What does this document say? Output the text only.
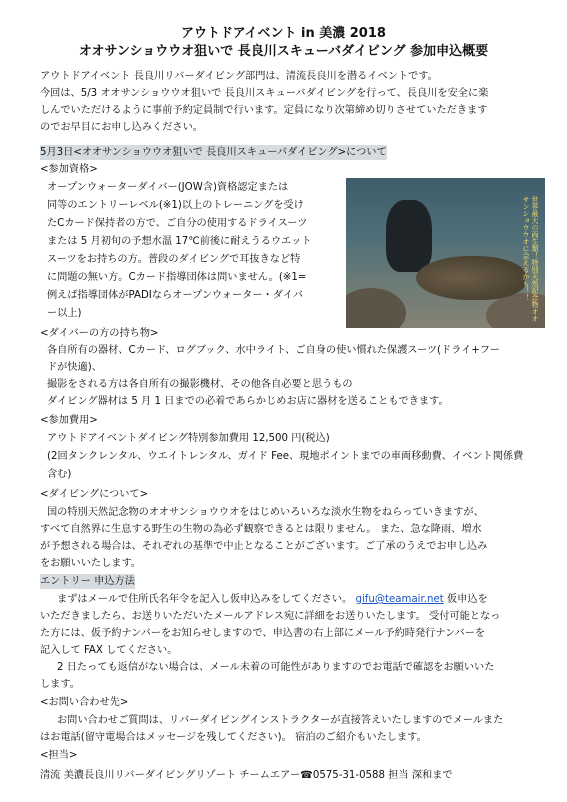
アウトドアイベント in 美濃 2018
オオサンショウウオ狙いで 長良川スキューバダイビング 参加申込概要
アウトドアイベント 長良川リバーダイビング部門は、清流長良川を潜るイベントです。
今回は、5/3 オオサンショウウオ狙いで 長良川スキューバダイビングを行って、長良川を安全に楽
しんでいただけるように事前予約定員制で行います。定員になり次第締め切りさせていただきます
のでお早目にお申し込みください。
5月3日<オオサンショウウオ狙いで 長良川スキューバダイビング>について
<参加資格>
オープンウォーターダイバー(JOW含)資格認定または
同等のエントリーレベル(※1)以上のトレーニングを受け
たCカード保持者の方で、ご自分の使用するドライスーツ
または 5 月初旬の予想水温 17℃前後に耐えうるウエット
スーツをお持ちの方。普段のダイビングで耳抜きなど特
に問題の無い方。Cカード指導団体は問いません。(※1=
例えば指導団体がPADIならオープンウォーター・ダイバ
ー以上)	世界最大の両生類！特別天然記念物オオサンショウウオに会えるかも！！
<ダイバーの方の持ち物>
各自所有の器材、Cカード、ログブック、水中ライト、ご自身の使い慣れた保護スーツ(ドライ+フー
ドが快適)、
撮影をされる方は各自所有の撮影機材、その他各自必要と思うもの
ダイビング器材は 5 月 1 日までの必着であらかじめお店に器材を送ることもできます。
<参加費用>
アウトドアイベントダイビング特別参加費用 12,500 円(税込)
(2回タンクレンタル、ウエイトレンタル、ガイド Fee、現地ポイントまでの車両移動費、イベント関係費
含む)
<ダイビングについて>
国の特別天然記念物のオオサンショウウオをはじめいろいろな淡水生物をねらっていきますが、
すべて自然界に生息する野生の生物の為必ず観察できるとは限りません。 また、急な降雨、増水
が予想される場合は、それぞれの基準で中止となることがございます。ご了承のうえでお申し込み
をお願いいたします。
エントリー 申込方法
まずはメールで住所氏名年令を記入し仮申込みをしてください。 gifu@teamair.net 仮申込を
いただきましたら、お送りいただいたメールアドレス宛に詳細をお送りいたします。 受付可能となっ
た方には、仮予約ナンバーをお知らせしますので、申込書の右上部にメール予約時発行ナンバーを
記入して FAX してください。
2 日たっても返信がない場合は、メール未着の可能性がありますのでお電話で確認をお願いいた
します。
<お問い合わせ先>
お問い合わせご質問は、リバーダイビングインストラクターが直接答えいたしますのでメールまた
はお電話(留守電場合はメッセージを残してください)。 宿泊のご紹介もいたします。
<担当>
清流 美濃長良川リバーダイビングリゾート チームエアー☎0575-31-0588 担当 深和まで
